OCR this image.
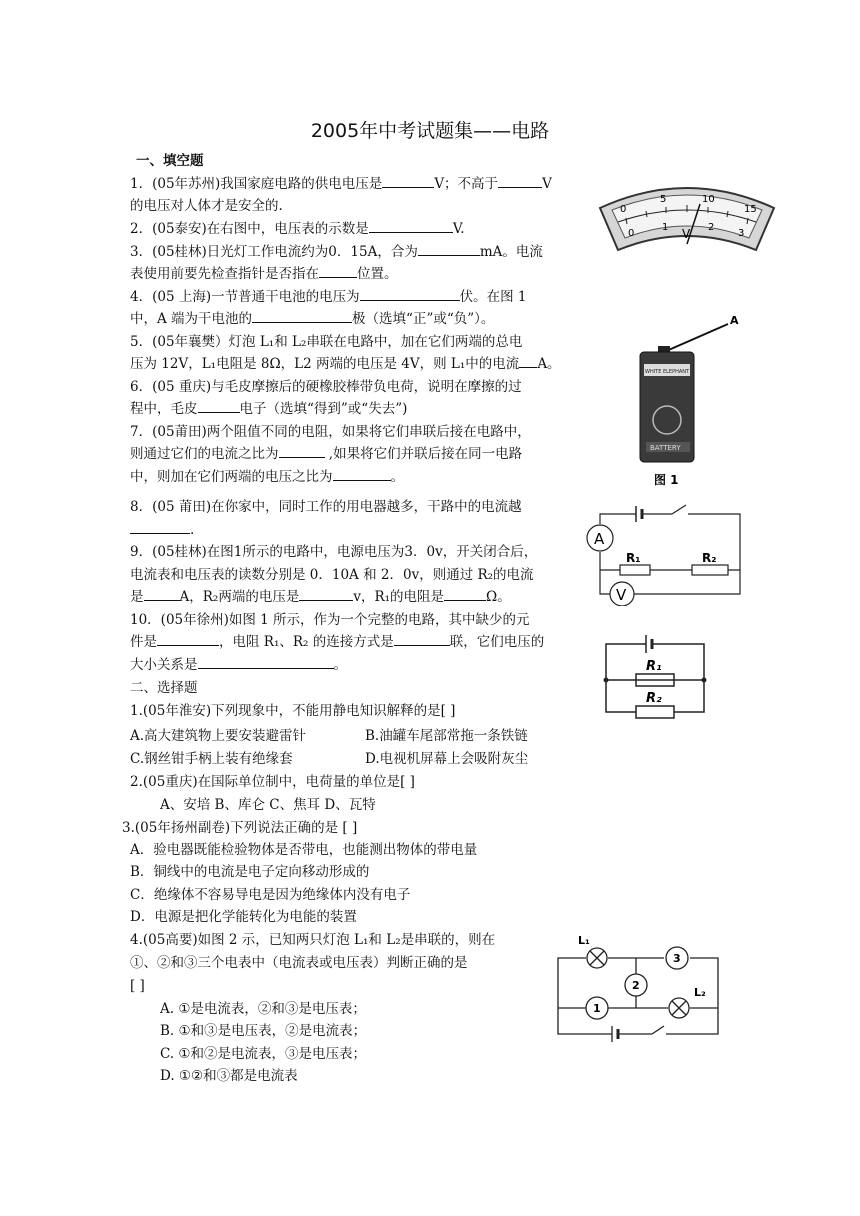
2005年中考试题集——电路
一、填空题
1．(05年苏州)我国家庭电路的供电电压是	V；不高于	V
的电压对人体才是安全的.
2．(05泰安)在右图中，电压表的示数是	V.
3．(05桂林)日光灯工作电流约为0．15A，合为	mA。电流
表使用前要先检查指针是否指在	位置。
4．(05 上海)一节普通干电池的电压为	伏。在图 1
中，A 端为干电池的	极（选填“正”或“负”）。
5．(05年襄樊）灯泡 L₁和 L₂串联在电路中，加在它们两端的总电
压为 12V，L₁电阻是 8Ω，L2 两端的电压是 4V，则 L₁中的电流 A。
6．(05 重庆)与毛皮摩擦后的硬橡胶棒带负电荷，说明在摩擦的过
程中，毛皮	电子（选填“得到”或“失去”)
7．(05莆田)两个阻值不同的电阻，如果将它们串联后接在电路中，
则通过它们的电流之比为	,如果将它们并联后接在同一电路
中，则加在它们两端的电压之比为	。
8．(05 莆田)在你家中，同时工作的用电器越多，干路中的电流越
.
9．(05桂林)在图1所示的电路中，电源电压为3．0v，开关闭合后，
电流表和电压表的读数分别是 0．10A 和 2．0v，则通过 R₂的电流
是	A，R₂两端的电压是	v，R₁的电阻是	Ω。
10．(05年徐州)如图 1 所示，作为一个完整的电路，其中缺少的元
件是	，电阻 R₁、R₂ 的连接方式是	联，它们电压的
大小关系是	。
二、选择题
1.(05年淮安)下列现象中，不能用静电知识解释的是[ ]
A.高大建筑物上要安装避雷针	B.油罐车尾部常拖一条铁链
C.钢丝钳手柄上装有绝缘套	D.电视机屏幕上会吸附灰尘
2.(05重庆)在国际单位制中，电荷量的单位是[ ]
A、安培 B、库仑 C、焦耳 D、瓦特
3.(05年扬州副卷)下列说法正确的是 [ ]
A．验电器既能检验物体是否带电，也能测出物体的带电量
B．铜线中的电流是电子定向移动形成的
C．绝缘体不容易导电是因为绝缘体内没有电子
D．电源是把化学能转化为电能的装置
4.(05高要)如图 2 示，已知两只灯泡 L₁和 L₂是串联的，则在
①、②和③三个电表中（电流表或电压表）判断正确的是
[ ]
A. ①是电流表，②和③是电压表；
B. ①和③是电压表，②是电流表；
C. ①和②是电流表，③是电压表；
D. ①②和③都是电流表
0
5	10
15
0
1	2
3
V
A
WHITE ELEPHANT
BATTERY
图 1
A
V
R₁	R₂
R₁
R₂
L₁
L₂
3
2
1
